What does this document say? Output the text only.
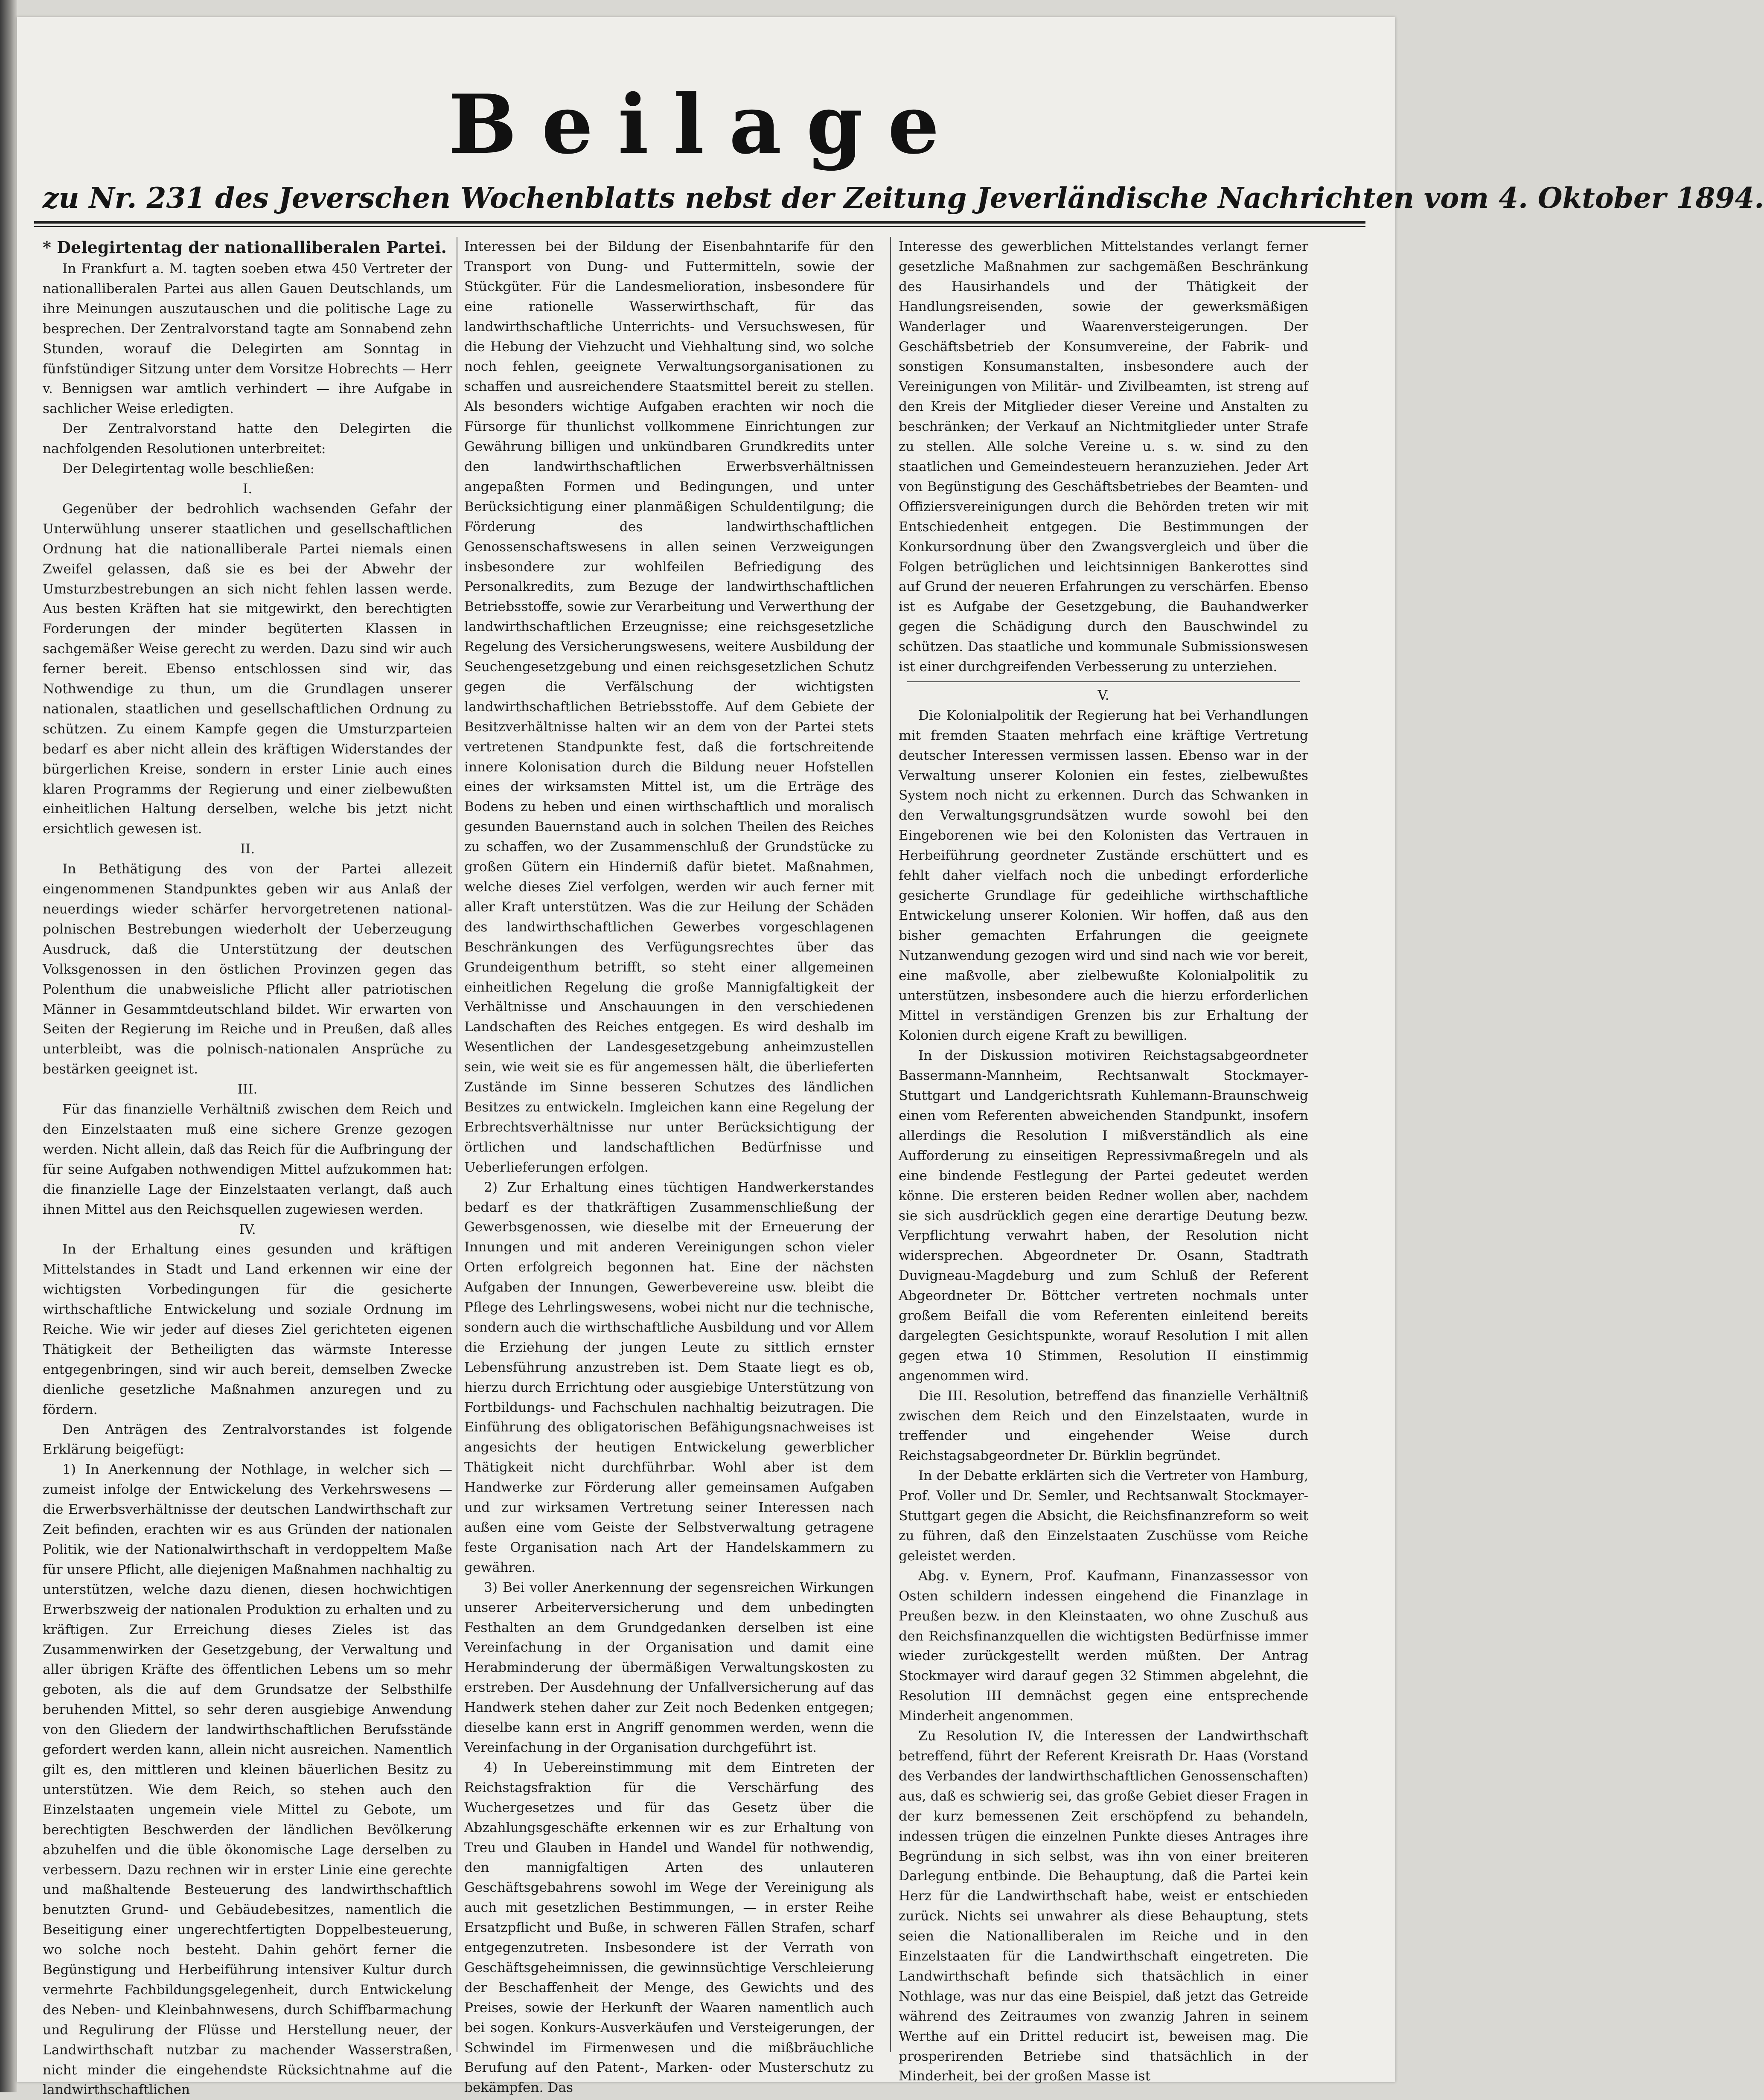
Beilage
zu Nr. 231 des Jeverschen Wochenblatts nebst der Zeitung Jeverländische Nachrichten vom 4. Oktober 1894.

* Delegirtentag der nationalliberalen Partei.

In Frankfurt a. M. tagten soeben etwa 450 Vertreter der nationalliberalen Partei aus allen Gauen Deutschlands, um ihre Meinungen auszutauschen und die politische Lage zu besprechen. Der Zentralvorstand tagte am Sonnabend zehn Stunden, worauf die Delegirten am Sonntag in fünfstündiger Sitzung unter dem Vorsitze Hobrechts — Herr v. Bennigsen war amtlich verhindert — ihre Aufgabe in sachlicher Weise erledigten.

Der Zentralvorstand hatte den Delegirten die nachfolgenden Resolutionen unterbreitet:

Der Delegirtentag wolle beschließen:

I.

Gegenüber der bedrohlich wachsenden Gefahr der Unterwühlung unserer staatlichen und gesellschaftlichen Ordnung hat die nationalliberale Partei niemals einen Zweifel gelassen, daß sie es bei der Abwehr der Umsturzbestrebungen an sich nicht fehlen lassen werde. Aus besten Kräften hat sie mitgewirkt, den berechtigten Forderungen der minder begüterten Klassen in sachgemäßer Weise gerecht zu werden. Dazu sind wir auch ferner bereit. Ebenso entschlossen sind wir, das Nothwendige zu thun, um die Grundlagen unserer nationalen, staatlichen und gesellschaftlichen Ordnung zu schützen. Zu einem Kampfe gegen die Umsturzparteien bedarf es aber nicht allein des kräftigen Widerstandes der bürgerlichen Kreise, sondern in erster Linie auch eines klaren Programms der Regierung und einer zielbewußten einheitlichen Haltung derselben, welche bis jetzt nicht ersichtlich gewesen ist.

II.

In Bethätigung des von der Partei allezeit eingenommenen Standpunktes geben wir aus Anlaß der neuerdings wieder schärfer hervorgetretenen national-polnischen Bestrebungen wiederholt der Ueberzeugung Ausdruck, daß die Unterstützung der deutschen Volksgenossen in den östlichen Provinzen gegen das Polenthum die unabweisliche Pflicht aller patriotischen Männer in Gesammtdeutschland bildet. Wir erwarten von Seiten der Regierung im Reiche und in Preußen, daß alles unterbleibt, was die polnisch-nationalen Ansprüche zu bestärken geeignet ist.

III.

Für das finanzielle Verhältniß zwischen dem Reich und den Einzelstaaten muß eine sichere Grenze gezogen werden. Nicht allein, daß das Reich für die Aufbringung der für seine Aufgaben nothwendigen Mittel aufzukommen hat: die finanzielle Lage der Einzelstaaten verlangt, daß auch ihnen Mittel aus den Reichsquellen zugewiesen werden.

IV.

In der Erhaltung eines gesunden und kräftigen Mittelstandes in Stadt und Land erkennen wir eine der wichtigsten Vorbedingungen für die gesicherte wirthschaftliche Entwickelung und soziale Ordnung im Reiche. Wie wir jeder auf dieses Ziel gerichteten eigenen Thätigkeit der Betheiligten das wärmste Interesse entgegenbringen, sind wir auch bereit, demselben Zwecke dienliche gesetzliche Maßnahmen anzuregen und zu fördern.

Den Anträgen des Zentralvorstandes ist folgende Erklärung beigefügt:

1) In Anerkennung der Nothlage, in welcher sich — zumeist infolge der Entwickelung des Verkehrswesens — die Erwerbsverhältnisse der deutschen Landwirthschaft zur Zeit befinden, erachten wir es aus Gründen der nationalen Politik, wie der Nationalwirthschaft in verdoppeltem Maße für unsere Pflicht, alle diejenigen Maßnahmen nachhaltig zu unterstützen, welche dazu dienen, diesen hochwichtigen Erwerbszweig der nationalen Produktion zu erhalten und zu kräftigen. Zur Erreichung dieses Zieles ist das Zusammenwirken der Gesetzgebung, der Verwaltung und aller übrigen Kräfte des öffentlichen Lebens um so mehr geboten, als die auf dem Grundsatze der Selbsthilfe beruhenden Mittel, so sehr deren ausgiebige Anwendung von den Gliedern der landwirthschaftlichen Berufsstände gefordert werden kann, allein nicht ausreichen. Namentlich gilt es, den mittleren und kleinen bäuerlichen Besitz zu unterstützen. Wie dem Reich, so stehen auch den Einzelstaaten ungemein viele Mittel zu Gebote, um berechtigten Beschwerden der ländlichen Bevölkerung abzuhelfen und die üble ökonomische Lage derselben zu verbessern. Dazu rechnen wir in erster Linie eine gerechte und maßhaltende Besteuerung des landwirthschaftlich benutzten Grund- und Gebäudebesitzes, namentlich die Beseitigung einer ungerechtfertigten Doppelbesteuerung, wo solche noch besteht. Dahin gehört ferner die Begünstigung und Herbeiführung intensiver Kultur durch vermehrte Fachbildungsgelegenheit, durch Entwickelung des Neben- und Kleinbahnwesens, durch Schiffbarmachung und Regulirung der Flüsse und Herstellung neuer, der Landwirthschaft nutzbar zu machender Wasserstraßen, nicht minder die eingehendste Rücksichtnahme auf die landwirthschaftlichen

Interessen bei der Bildung der Eisenbahntarife für den Transport von Dung- und Futtermitteln, sowie der Stückgüter. Für die Landesmelioration, insbesondere für eine rationelle Wasserwirthschaft, für das landwirthschaftliche Unterrichts- und Versuchswesen, für die Hebung der Viehzucht und Viehhaltung sind, wo solche noch fehlen, geeignete Verwaltungsorganisationen zu schaffen und ausreichendere Staatsmittel bereit zu stellen. Als besonders wichtige Aufgaben erachten wir noch die Fürsorge für thunlichst vollkommene Einrichtungen zur Gewährung billigen und unkündbaren Grundkredits unter den landwirthschaftlichen Erwerbsverhältnissen angepaßten Formen und Bedingungen, und unter Berücksichtigung einer planmäßigen Schuldentilgung; die Förderung des landwirthschaftlichen Genossenschaftswesens in allen seinen Verzweigungen insbesondere zur wohlfeilen Befriedigung des Personalkredits, zum Bezuge der landwirthschaftlichen Betriebsstoffe, sowie zur Verarbeitung und Verwerthung der landwirthschaftlichen Erzeugnisse; eine reichsgesetzliche Regelung des Versicherungswesens, weitere Ausbildung der Seuchengesetzgebung und einen reichsgesetzlichen Schutz gegen die Verfälschung der wichtigsten landwirthschaftlichen Betriebsstoffe. Auf dem Gebiete der Besitzverhältnisse halten wir an dem von der Partei stets vertretenen Standpunkte fest, daß die fortschreitende innere Kolonisation durch die Bildung neuer Hofstellen eines der wirksamsten Mittel ist, um die Erträge des Bodens zu heben und einen wirthschaftlich und moralisch gesunden Bauernstand auch in solchen Theilen des Reiches zu schaffen, wo der Zusammenschluß der Grundstücke zu großen Gütern ein Hinderniß dafür bietet. Maßnahmen, welche dieses Ziel verfolgen, werden wir auch ferner mit aller Kraft unterstützen. Was die zur Heilung der Schäden des landwirthschaftlichen Gewerbes vorgeschlagenen Beschränkungen des Verfügungsrechtes über das Grundeigenthum betrifft, so steht einer allgemeinen einheitlichen Regelung die große Mannigfaltigkeit der Verhältnisse und Anschauungen in den verschiedenen Landschaften des Reiches entgegen. Es wird deshalb im Wesentlichen der Landesgesetzgebung anheimzustellen sein, wie weit sie es für angemessen hält, die überlieferten Zustände im Sinne besseren Schutzes des ländlichen Besitzes zu entwickeln. Imgleichen kann eine Regelung der Erbrechtsverhältnisse nur unter Berücksichtigung der örtlichen und landschaftlichen Bedürfnisse und Ueberlieferungen erfolgen.

2) Zur Erhaltung eines tüchtigen Handwerkerstandes bedarf es der thatkräftigen Zusammenschließung der Gewerbsgenossen, wie dieselbe mit der Erneuerung der Innungen und mit anderen Vereinigungen schon vieler Orten erfolgreich begonnen hat. Eine der nächsten Aufgaben der Innungen, Gewerbevereine usw. bleibt die Pflege des Lehrlingswesens, wobei nicht nur die technische, sondern auch die wirthschaftliche Ausbildung und vor Allem die Erziehung der jungen Leute zu sittlich ernster Lebensführung anzustreben ist. Dem Staate liegt es ob, hierzu durch Errichtung oder ausgiebige Unterstützung von Fortbildungs- und Fachschulen nachhaltig beizutragen. Die Einführung des obligatorischen Befähigungsnachweises ist angesichts der heutigen Entwickelung gewerblicher Thätigkeit nicht durchführbar. Wohl aber ist dem Handwerke zur Förderung aller gemeinsamen Aufgaben und zur wirksamen Vertretung seiner Interessen nach außen eine vom Geiste der Selbstverwaltung getragene feste Organisation nach Art der Handelskammern zu gewähren.

3) Bei voller Anerkennung der segensreichen Wirkungen unserer Arbeiterversicherung und dem unbedingten Festhalten an dem Grundgedanken derselben ist eine Vereinfachung in der Organisation und damit eine Herabminderung der übermäßigen Verwaltungskosten zu erstreben. Der Ausdehnung der Unfallversicherung auf das Handwerk stehen daher zur Zeit noch Bedenken entgegen; dieselbe kann erst in Angriff genommen werden, wenn die Vereinfachung in der Organisation durchgeführt ist.

4) In Uebereinstimmung mit dem Eintreten der Reichstagsfraktion für die Verschärfung des Wuchergesetzes und für das Gesetz über die Abzahlungsgeschäfte erkennen wir es zur Erhaltung von Treu und Glauben in Handel und Wandel für nothwendig, den mannigfaltigen Arten des unlauteren Geschäftsgebahrens sowohl im Wege der Vereinigung als auch mit gesetzlichen Bestimmungen, — in erster Reihe Ersatzpflicht und Buße, in schweren Fällen Strafen, scharf entgegenzutreten. Insbesondere ist der Verrath von Geschäftsgeheimnissen, die gewinnsüchtige Verschleierung der Beschaffenheit der Menge, des Gewichts und des Preises, sowie der Herkunft der Waaren namentlich auch bei sogen. Konkurs-Ausverkäufen und Versteigerungen, der Schwindel im Firmenwesen und die mißbräuchliche Berufung auf den Patent-, Marken- oder Musterschutz zu bekämpfen. Das

Interesse des gewerblichen Mittelstandes verlangt ferner gesetzliche Maßnahmen zur sachgemäßen Beschränkung des Hausirhandels und der Thätigkeit der Handlungsreisenden, sowie der gewerksmäßigen Wanderlager und Waarenversteigerungen. Der Geschäftsbetrieb der Konsumvereine, der Fabrik- und sonstigen Konsumanstalten, insbesondere auch der Vereinigungen von Militär- und Zivilbeamten, ist streng auf den Kreis der Mitglieder dieser Vereine und Anstalten zu beschränken; der Verkauf an Nichtmitglieder unter Strafe zu stellen. Alle solche Vereine u. s. w. sind zu den staatlichen und Gemeindesteuern heranzuziehen. Jeder Art von Begünstigung des Geschäftsbetriebes der Beamten- und Offiziersvereinigungen durch die Behörden treten wir mit Entschiedenheit entgegen. Die Bestimmungen der Konkursordnung über den Zwangsvergleich und über die Folgen betrüglichen und leichtsinnigen Bankerottes sind auf Grund der neueren Erfahrungen zu verschärfen. Ebenso ist es Aufgabe der Gesetzgebung, die Bauhandwerker gegen die Schädigung durch den Bauschwindel zu schützen. Das staatliche und kommunale Submissionswesen ist einer durchgreifenden Verbesserung zu unterziehen.

V.

Die Kolonialpolitik der Regierung hat bei Verhandlungen mit fremden Staaten mehrfach eine kräftige Vertretung deutscher Interessen vermissen lassen. Ebenso war in der Verwaltung unserer Kolonien ein festes, zielbewußtes System noch nicht zu erkennen. Durch das Schwanken in den Verwaltungsgrundsätzen wurde sowohl bei den Eingeborenen wie bei den Kolonisten das Vertrauen in Herbeiführung geordneter Zustände erschüttert und es fehlt daher vielfach noch die unbedingt erforderliche gesicherte Grundlage für gedeihliche wirthschaftliche Entwickelung unserer Kolonien. Wir hoffen, daß aus den bisher gemachten Erfahrungen die geeignete Nutzanwendung gezogen wird und sind nach wie vor bereit, eine maßvolle, aber zielbewußte Kolonialpolitik zu unterstützen, insbesondere auch die hierzu erforderlichen Mittel in verständigen Grenzen bis zur Erhaltung der Kolonien durch eigene Kraft zu bewilligen.

In der Diskussion motiviren Reichstagsabgeordneter Bassermann-Mannheim, Rechtsanwalt Stockmayer-Stuttgart und Landgerichtsrath Kuhlemann-Braunschweig einen vom Referenten abweichenden Standpunkt, insofern allerdings die Resolution I mißverständlich als eine Aufforderung zu einseitigen Repressivmaßregeln und als eine bindende Festlegung der Partei gedeutet werden könne. Die ersteren beiden Redner wollen aber, nachdem sie sich ausdrücklich gegen eine derartige Deutung bezw. Verpflichtung verwahrt haben, der Resolution nicht widersprechen. Abgeordneter Dr. Osann, Stadtrath Duvigneau-Magdeburg und zum Schluß der Referent Abgeordneter Dr. Böttcher vertreten nochmals unter großem Beifall die vom Referenten einleitend bereits dargelegten Gesichtspunkte, worauf Resolution I mit allen gegen etwa 10 Stimmen, Resolution II einstimmig angenommen wird.

Die III. Resolution, betreffend das finanzielle Verhältniß zwischen dem Reich und den Einzelstaaten, wurde in treffender und eingehender Weise durch Reichstagsabgeordneter Dr. Bürklin begründet.

In der Debatte erklärten sich die Vertreter von Hamburg, Prof. Voller und Dr. Semler, und Rechtsanwalt Stockmayer-Stuttgart gegen die Absicht, die Reichsfinanzreform so weit zu führen, daß den Einzelstaaten Zuschüsse vom Reiche geleistet werden.

Abg. v. Eynern, Prof. Kaufmann, Finanzassessor von Osten schildern indessen eingehend die Finanzlage in Preußen bezw. in den Kleinstaaten, wo ohne Zuschuß aus den Reichsfinanzquellen die wichtigsten Bedürfnisse immer wieder zurückgestellt werden müßten. Der Antrag Stockmayer wird darauf gegen 32 Stimmen abgelehnt, die Resolution III demnächst gegen eine entsprechende Minderheit angenommen.

Zu Resolution IV, die Interessen der Landwirthschaft betreffend, führt der Referent Kreisrath Dr. Haas (Vorstand des Verbandes der landwirthschaftlichen Genossenschaften) aus, daß es schwierig sei, das große Gebiet dieser Fragen in der kurz bemessenen Zeit erschöpfend zu behandeln, indessen trügen die einzelnen Punkte dieses Antrages ihre Begründung in sich selbst, was ihn von einer breiteren Darlegung entbinde. Die Behauptung, daß die Partei kein Herz für die Landwirthschaft habe, weist er entschieden zurück. Nichts sei unwahrer als diese Behauptung, stets seien die Nationalliberalen im Reiche und in den Einzelstaaten für die Landwirthschaft eingetreten. Die Landwirthschaft befinde sich thatsächlich in einer Nothlage, was nur das eine Beispiel, daß jetzt das Getreide während des Zeitraumes von zwanzig Jahren in seinem Werthe auf ein Drittel reducirt ist, beweisen mag. Die prosperirenden Betriebe sind thatsächlich in der Minderheit, bei der großen Masse ist
